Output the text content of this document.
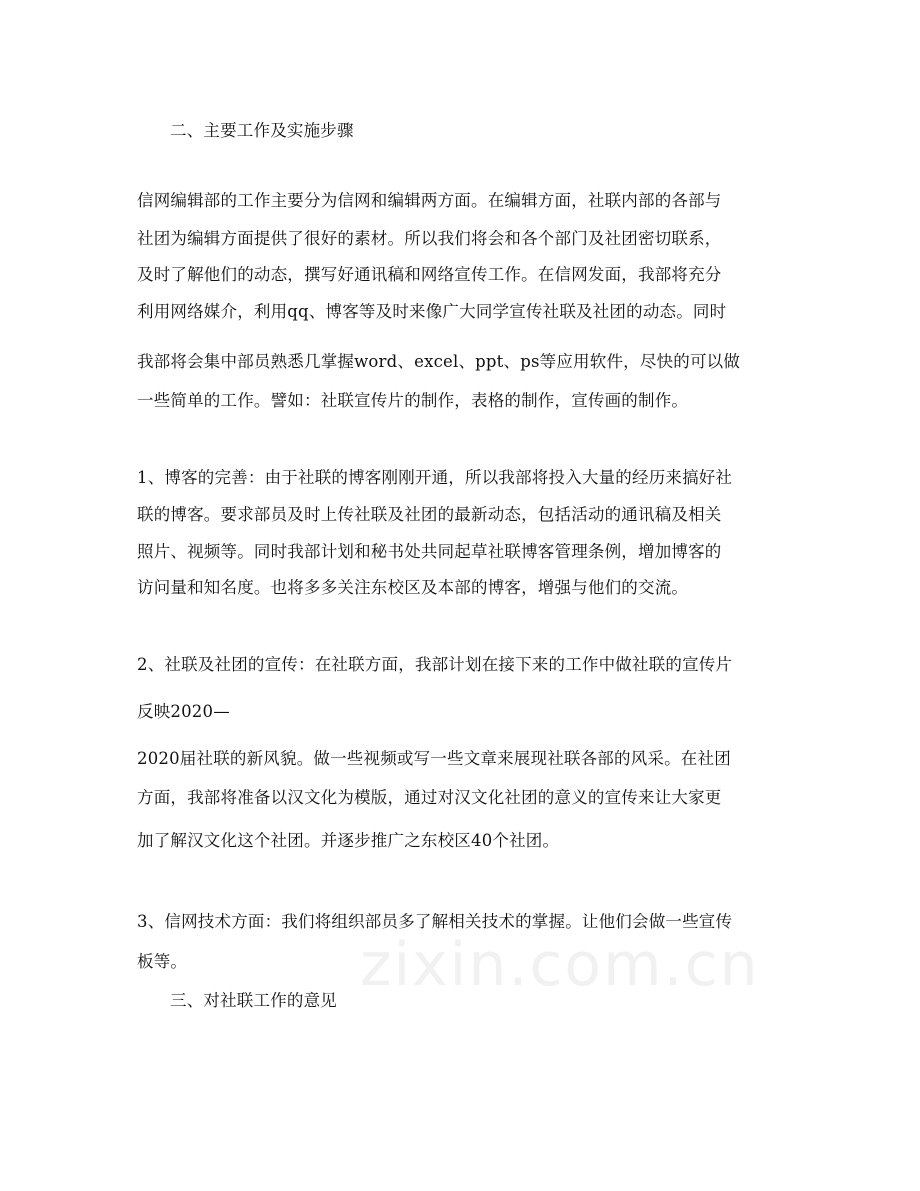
zixin.com.cn
二、主要工作及实施步骤
信网编辑部的工作主要分为信网和编辑两方面。在编辑方面，社联内部的各部与
社团为编辑方面提供了很好的素材。所以我们将会和各个部门及社团密切联系，
及时了解他们的动态，撰写好通讯稿和网络宣传工作。在信网发面，我部将充分
利用网络媒介，利用qq、博客等及时来像广大同学宣传社联及社团的动态。同时
我部将会集中部员熟悉几掌握word、excel、ppt、ps等应用软件，尽快的可以做
一些简单的工作。譬如：社联宣传片的制作，表格的制作，宣传画的制作。
1、博客的完善：由于社联的博客刚刚开通，所以我部将投入大量的经历来搞好社
联的博客。要求部员及时上传社联及社团的最新动态，包括活动的通讯稿及相关
照片、视频等。同时我部计划和秘书处共同起草社联博客管理条例，增加博客的
访问量和知名度。也将多多关注东校区及本部的博客，增强与他们的交流。
2、社联及社团的宣传：在社联方面，我部计划在接下来的工作中做社联的宣传片
反映2020—
2020届社联的新风貌。做一些视频或写一些文章来展现社联各部的风采。在社团
方面，我部将准备以汉文化为模版，通过对汉文化社团的意义的宣传来让大家更
加了解汉文化这个社团。并逐步推广之东校区40个社团。
3、信网技术方面：我们将组织部员多了解相关技术的掌握。让他们会做一些宣传
板等。
三、对社联工作的意见
